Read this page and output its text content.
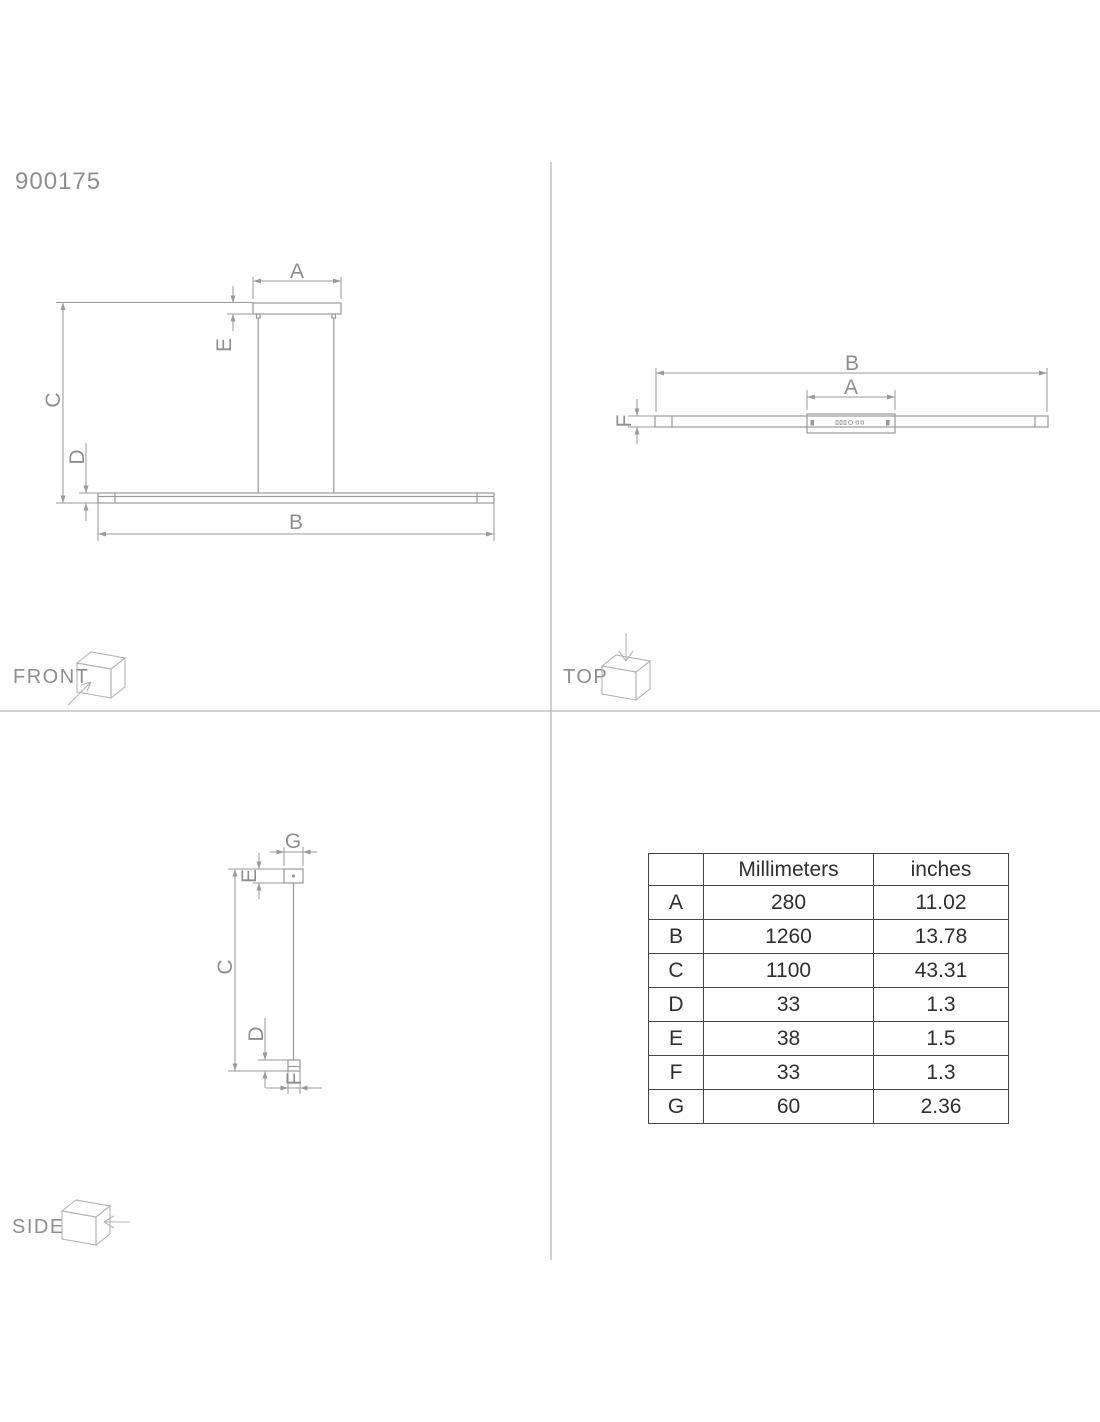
900175
FRONT	TOP
SIDE
A
E
C
D
B
B
A
F
G
E
C
D
F
	Millimeters	inches
A	280	11.02
B	1260	13.78
C	1100	43.31
D	33	1.3
E	38	1.5
F	33	1.3
G	60	2.36
